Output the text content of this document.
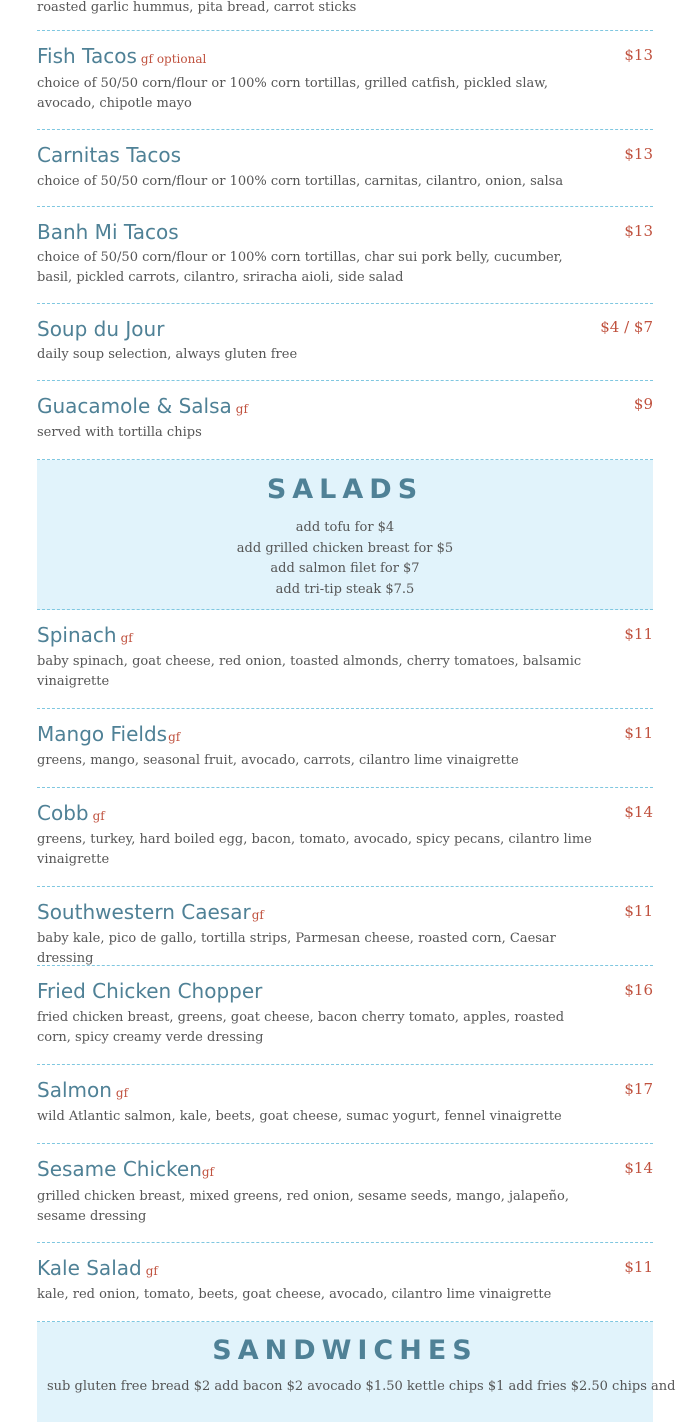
roasted garlic hummus, pita bread, carrot sticks
Fish Tacos gf optional	$13
choice of 50/50 corn/flour or 100% corn tortillas, grilled catfish, pickled slaw, avocado, chipotle mayo
Carnitas Tacos	$13
choice of 50/50 corn/flour or 100% corn tortillas, carnitas, cilantro, onion, salsa
Banh Mi Tacos	$13
choice of 50/50 corn/flour or 100% corn tortillas, char sui pork belly, cucumber, basil, pickled carrots, cilantro, sriracha aioli, side salad
Soup du Jour	$4 / $7
daily soup selection, always gluten free
Guacamole & Salsa gf	$9
served with tortilla chips
SALADS
add tofu for $4
add grilled chicken breast for $5
add salmon filet for $7
add tri-tip steak $7.5
Spinach gf	$11
baby spinach, goat cheese, red onion, toasted almonds, cherry tomatoes, balsamic vinaigrette
Mango Fieldsgf	$11
greens, mango, seasonal fruit, avocado, carrots, cilantro lime vinaigrette
Cobb gf	$14
greens, turkey, hard boiled egg, bacon, tomato, avocado, spicy pecans, cilantro lime vinaigrette
Southwestern Caesargf	$11
baby kale, pico de gallo, tortilla strips, Parmesan cheese, roasted corn, Caesar dressing
Fried Chicken Chopper	$16
fried chicken breast, greens, goat cheese, bacon cherry tomato, apples, roasted corn, spicy creamy verde dressing
Salmon gf	$17
wild Atlantic salmon, kale, beets, goat cheese, sumac yogurt, fennel vinaigrette
Sesame Chickengf	$14
grilled chicken breast, mixed greens, red onion, sesame seeds, mango, jalapeño, sesame dressing
Kale Salad gf	$11
kale, red onion, tomato, beets, goat cheese, avocado, cilantro lime vinaigrette
SANDWICHES
sub gluten free bread $2 add bacon $2 avocado $1.50 kettle chips $1 add fries $2.50 chips and
